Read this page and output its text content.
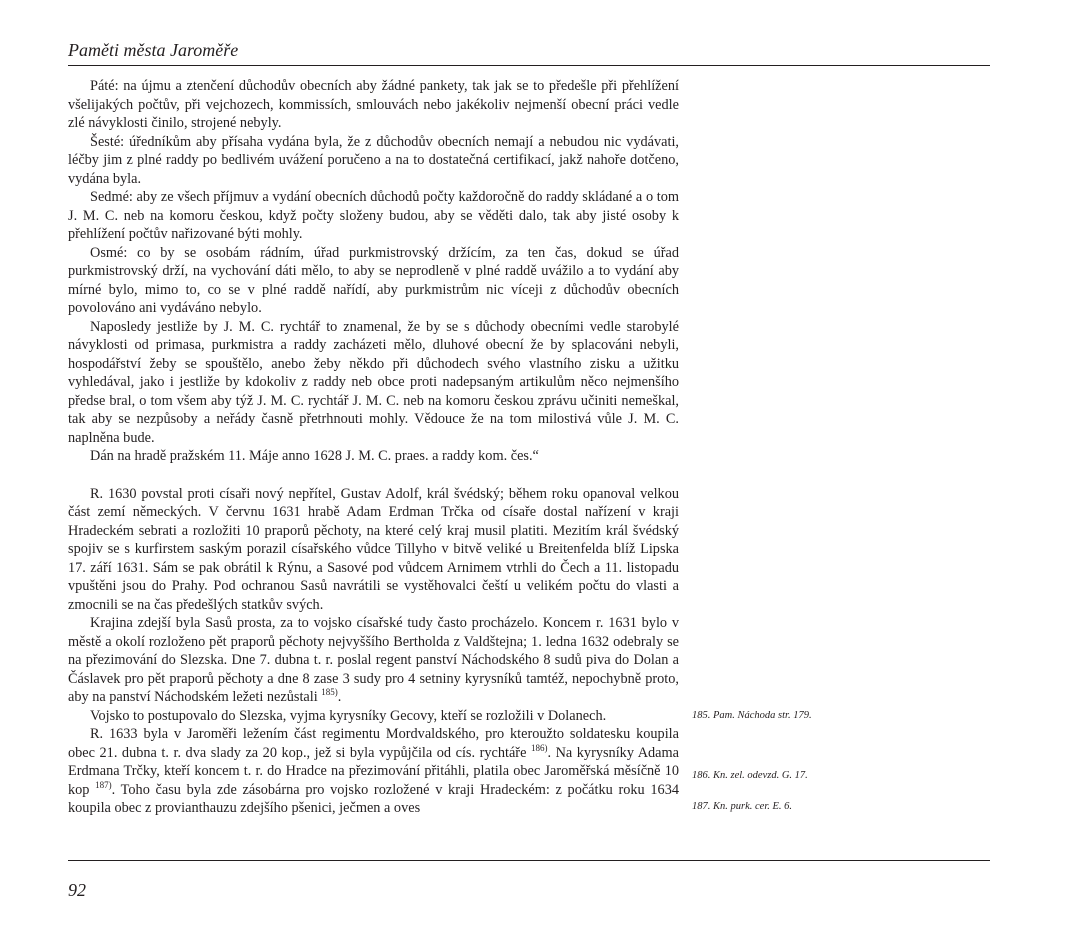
Paměti města Jaroměře

Páté: na újmu a ztenčení důchodův obecních aby žádné pankety, tak jak se to předešle při přehlížení všelijakých počtův, při vejchozech, kommissích, smlouvách nebo jakékoliv nejmenší obecní práci vedle zlé návyklosti činilo, strojené nebyly.

Šesté: úředníkům aby přísaha vydána byla, že z důchodův obecních nemají a nebudou nic vydávati, léčby jim z plné raddy po bedlivém uvážení poručeno a na to dostatečná certifikací, jakž nahoře dotčeno, vydána byla.

Sedmé: aby ze všech příjmuv a vydání obecních důchodů počty každoročně do raddy skládané a o tom J. M. C. neb na komoru českou, když počty složeny budou, aby se věděti dalo, tak aby jisté osoby k přehlížení počtův nařizované býti mohly.

Osmé: co by se osobám rádním, úřad purkmistrovský držícím, za ten čas, dokud se úřad purkmistrovský drží, na vychování dáti mělo, to aby se neprodleně v plné raddě uvážilo a to vydání aby mírné bylo, mimo to, co se v plné raddě nařídí, aby purkmistrům nic víceji z důchodův obecních povolováno ani vydáváno nebylo.

Naposledy jestliže by J. M. C. rychtář to znamenal, že by se s důchody obecními vedle starobylé návyklosti od primasa, purkmistra a raddy zacházeti mělo, dluhové obecní že by splacováni nebyli, hospodářství žeby se spouštělo, anebo žeby někdo při důchodech svého vlastního zisku a užitku vyhledával, jako i jestliže by kdokoliv z raddy neb obce proti nadepsaným artikulům něco nejmenšího předse bral, o tom všem aby týž J. M. C. rychtář J. M. C. neb na komoru českou zprávu učiniti nemeškal, tak aby se nezpůsoby a neřády časně přetrhnouti mohly. Vědouce že na tom milostivá vůle J. M. C. naplněna bude.

Dán na hradě pražském 11. Máje anno 1628 J. M. C. praes. a raddy kom. čes.“

R. 1630 povstal proti císaři nový nepřítel, Gustav Adolf, král švédský; během roku opanoval velkou část zemí německých. V červnu 1631 hrabě Adam Erdman Trčka od císaře dostal nařízení v kraji Hradeckém sebrati a rozložiti 10 praporů pěchoty, na které celý kraj musil platiti. Mezitím král švédský spojiv se s kurfirstem saským porazil císařského vůdce Tillyho v bitvě veliké u Breitenfelda blíž Lipska 17. září 1631. Sám se pak obrátil k Rýnu, a Sasové pod vůdcem Arnimem vtrhli do Čech a 11. listopadu vpuštěni jsou do Prahy. Pod ochranou Sasů navrátili se vystěhovalci čeští u velikém počtu do vlasti a zmocnili se na čas předešlých statkův svých.

Krajina zdejší byla Sasů prosta, za to vojsko císařské tudy často procházelo. Koncem r. 1631 bylo v městě a okolí rozloženo pět praporů pěchoty nejvyššího Bertholda z Valdštejna; 1. ledna 1632 odebraly se na přezimování do Slezska. Dne 7. dubna t. r. poslal regent panství Náchodského 8 sudů piva do Dolan a Čáslavek pro pět praporů pěchoty a dne 8 zase 3 sudy pro 4 setniny kyrysníků tamtéž, nepochybně proto, aby na panství Náchodském ležeti nezůstali $^{185)}$.

Vojsko to postupovalo do Slezska, vyjma kyrysníky Gecovy, kteří se rozložili v Dolanech.

R. 1633 byla v Jaroměři ležením část regimentu Mordvaldského, pro kteroužto soldatesku koupila obec 21. dubna t. r. dva slady za 20 kop., jež si byla vypůjčila od cís. rychtáře $^{186)}$. Na kyrysníky Adama Erdmana Trčky, kteří koncem t. r. do Hradce na přezimování přitáhli, platila obec Jaroměřská měsíčně 10 kop $^{187)}$. Toho času byla zde zásobárna pro vojsko rozložené v kraji Hradeckém: z počátku roku 1634 koupila obec z provianthauzu zdejšího pšenici, ječmen a oves

185. Pam. Náchoda str. 179.
186. Kn. zel. odevzd. G. 17.
187. Kn. purk. cer. E. 6.
92
